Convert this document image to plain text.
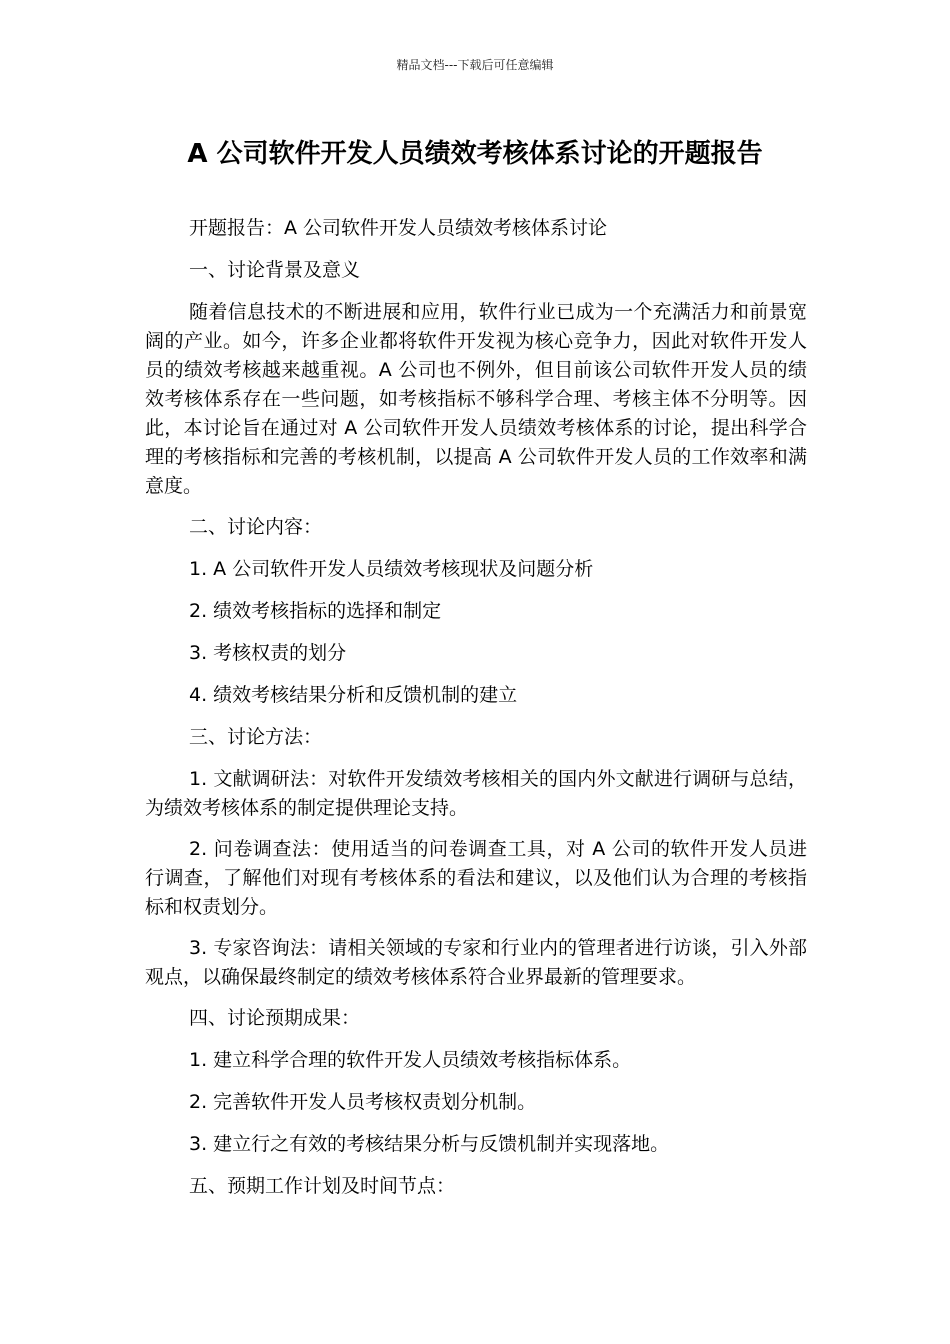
精品文档---下载后可任意编辑
A 公司软件开发人员绩效考核体系讨论的开题报告

开题报告：A 公司软件开发人员绩效考核体系讨论

一、讨论背景及意义

随着信息技术的不断进展和应用，软件行业已成为一个充满活力和前景宽阔的产业。如今，许多企业都将软件开发视为核心竞争力，因此对软件开发人员的绩效考核越来越重视。A 公司也不例外，但目前该公司软件开发人员的绩效考核体系存在一些问题，如考核指标不够科学合理、考核主体不分明等。因此，本讨论旨在通过对 A 公司软件开发人员绩效考核体系的讨论，提出科学合理的考核指标和完善的考核机制，以提高 A 公司软件开发人员的工作效率和满意度。

二、讨论内容：

1. A 公司软件开发人员绩效考核现状及问题分析

2. 绩效考核指标的选择和制定

3. 考核权责的划分

4. 绩效考核结果分析和反馈机制的建立

三、讨论方法：

1. 文献调研法：对软件开发绩效考核相关的国内外文献进行调研与总结，为绩效考核体系的制定提供理论支持。

2. 问卷调查法：使用适当的问卷调查工具，对 A 公司的软件开发人员进行调查，了解他们对现有考核体系的看法和建议，以及他们认为合理的考核指标和权责划分。

3. 专家咨询法：请相关领域的专家和行业内的管理者进行访谈，引入外部观点，以确保最终制定的绩效考核体系符合业界最新的管理要求。

四、讨论预期成果：

1. 建立科学合理的软件开发人员绩效考核指标体系。

2. 完善软件开发人员考核权责划分机制。

3. 建立行之有效的考核结果分析与反馈机制并实现落地。

五、预期工作计划及时间节点：
